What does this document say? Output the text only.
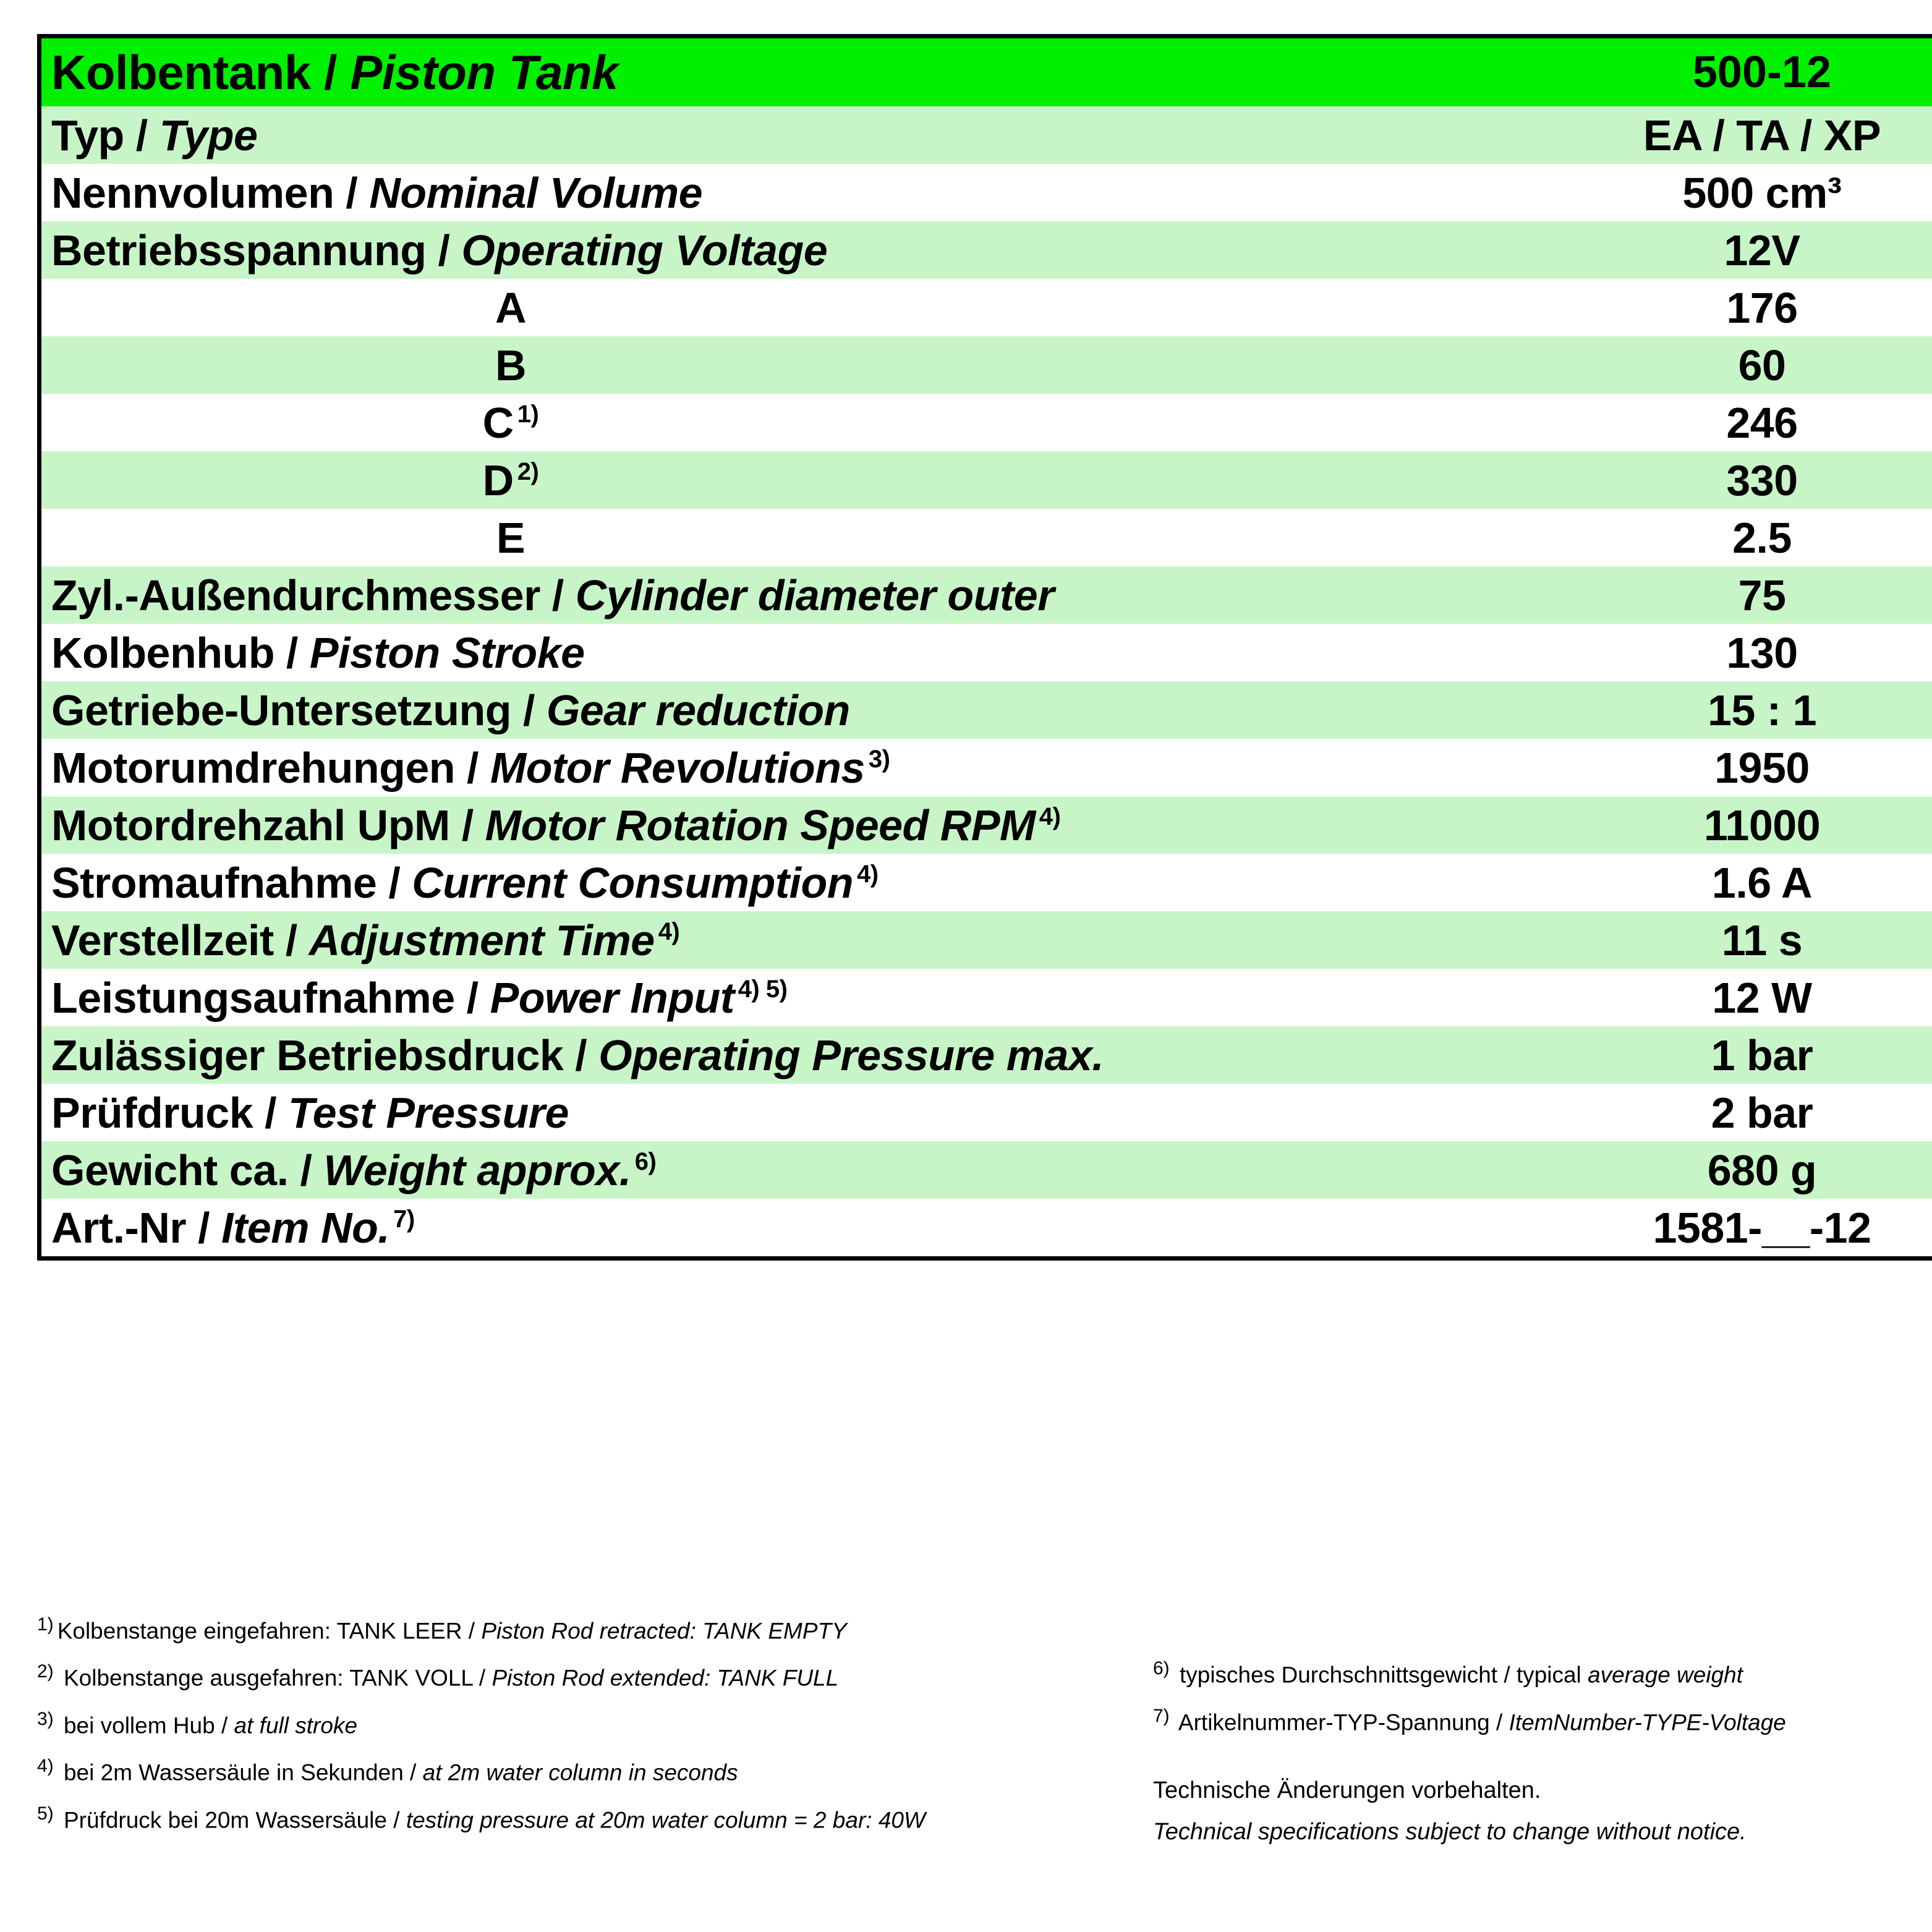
Kolbentank / Piston Tank	500-12
Typ / Type	EA / TA / XP
Nennvolumen / Nominal Volume	500 cm³
Betriebsspannung / Operating Voltage	12V
A	176
B	60
C $^{1)}$	246
D $^{2)}$	330
E	2.5
Zyl.-Außendurchmesser / Cylinder diameter outer	75
Kolbenhub / Piston Stroke	130
Getriebe-Untersetzung / Gear reduction	15 : 1
Motorumdrehungen / Motor Revolutions $^{3)}$	1950
Motordrehzahl UpM / Motor Rotation Speed RPM $^{4)}$	11000
Stromaufnahme / Current Consumption $^{4)}$	1.6 A
Verstellzeit / Adjustment Time $^{4)}$	11 s
Leistungsaufnahme / Power Input $^{4) 5)}$	12 W
Zulässiger Betriebsdruck / Operating Pressure max.	1 bar
Prüfdruck / Test Pressure	2 bar
Gewicht ca. / Weight approx. $^{6)}$	680 g
Art.-Nr / Item No. $^{7)}$	1581-__-12
$^{1)}$ Kolbenstange eingefahren: TANK LEER / Piston Rod retracted: TANK EMPTY
$^{2)}$ Kolbenstange ausgefahren: TANK VOLL / Piston Rod extended: TANK FULL
$^{3)}$ bei vollem Hub / at full stroke
$^{4)}$ bei 2m Wassersäule in Sekunden / at 2m water column in seconds
$^{5)}$ Prüfdruck bei 20m Wassersäule / testing pressure at 20m water column = 2 bar: 40W
$^{6)}$ typisches Durchschnittsgewicht / typical average weight
$^{7)}$ Artikelnummer-TYP-Spannung / ItemNumber-TYPE-Voltage
Technische Änderungen vorbehalten.
Technical specifications subject to change without notice.
